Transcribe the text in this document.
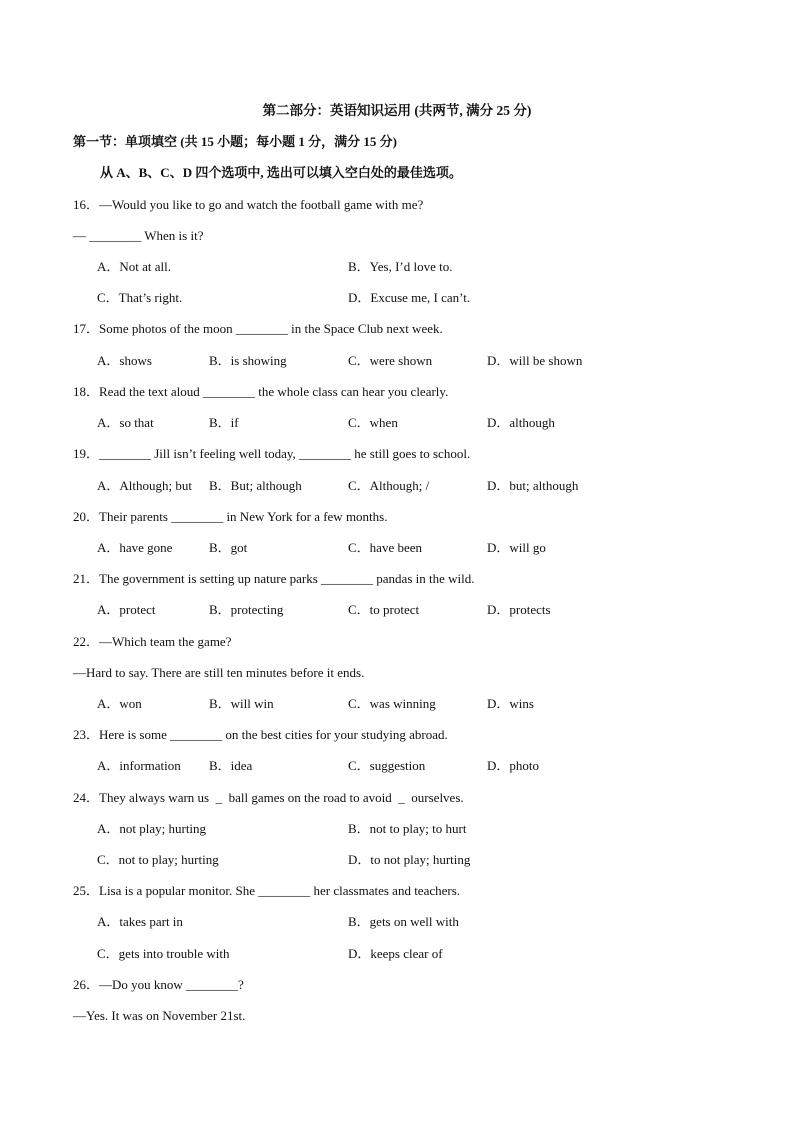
第二部分：英语知识运用 (共两节, 满分 25 分)
第一节：单项填空 (共 15 小题；每小题 1 分，满分 15 分)
从 A、B、C、D 四个选项中, 选出可以填入空白处的最佳选项。
16．—Would you like to go and watch the football game with me?
— ________ When is it?
A．Not at all.	B．Yes, I’d love to.
C．That’s right.	D．Excuse me, I can’t.
17．Some photos of the moon ________ in the Space Club next week.
A．shows	B．is showing	C．were shown	D．will be shown
18．Read the text aloud ________ the whole class can hear you clearly.
A．so that	B．if	C．when	D．although
19．________ Jill isn’t feeling well today, ________ he still goes to school.
A．Although; but B．But; although	C．Although; /	D．but; although
20．Their parents ________ in New York for a few months.
A．have gone	B．got	C．have been	D．will go
21．The government is setting up nature parks ________ pandas in the wild.
A．protect	B．protecting	C．to protect	D．protects
22．—Which team the game?
—Hard to say. There are still ten minutes before it ends.
A．won	B．will win	C．was winning	D．wins
23．Here is some ________ on the best cities for your studying abroad.
A．information B．idea	C．suggestion	D．photo
24．They always warn us  _  ball games on the road to avoid  _  ourselves.
A．not play; hurting	B．not to play; to hurt
C．not to play; hurting	D．to not play; hurting
25．Lisa is a popular monitor. She ________ her classmates and teachers.
A．takes part in	B．gets on well with
C．gets into trouble with	D．keeps clear of
26．—Do you know ________?
—Yes. It was on November 21st.
